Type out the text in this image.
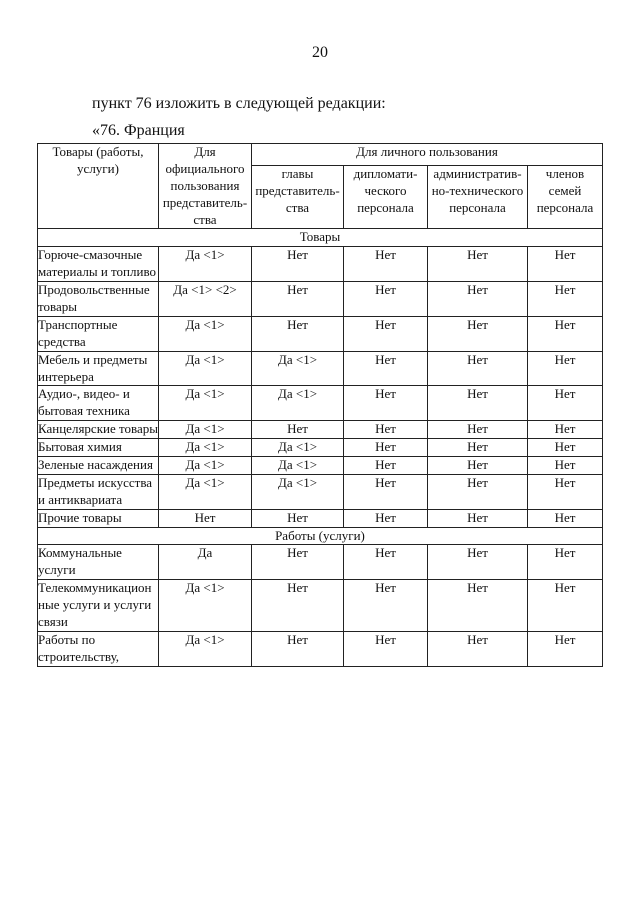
20
пункт 76 изложить в следующей редакции:
«76. Франция
Товары (работы, услуги)	Для официального пользования представитель-ства	Для личного пользования			
		главы представитель-ства	дипломати-ческого персонала	административ-но-технического персонала	членов семей персонала
Товары					
Горюче-смазочные материалы и топливо	Да <1>	Нет	Нет	Нет	Нет
Продовольственные товары	Да <1> <2>	Нет	Нет	Нет	Нет
Транспортные средства	Да <1>	Нет	Нет	Нет	Нет
Мебель и предметы интерьера	Да <1>	Да <1>	Нет	Нет	Нет
Аудио-, видео- и бытовая техника	Да <1>	Да <1>	Нет	Нет	Нет
Канцелярские товары	Да <1>	Нет	Нет	Нет	Нет
Бытовая химия	Да <1>	Да <1>	Нет	Нет	Нет
Зеленые насаждения	Да <1>	Да <1>	Нет	Нет	Нет
Предметы искусства и антиквариата	Да <1>	Да <1>	Нет	Нет	Нет
Прочие товары	Нет	Нет	Нет	Нет	Нет
Работы (услуги)					
Коммунальные услуги	Да	Нет	Нет	Нет	Нет
Телекоммуникацион ные услуги и услуги связи	Да <1>	Нет	Нет	Нет	Нет
Работы по строительству,	Да <1>	Нет	Нет	Нет	Нет
